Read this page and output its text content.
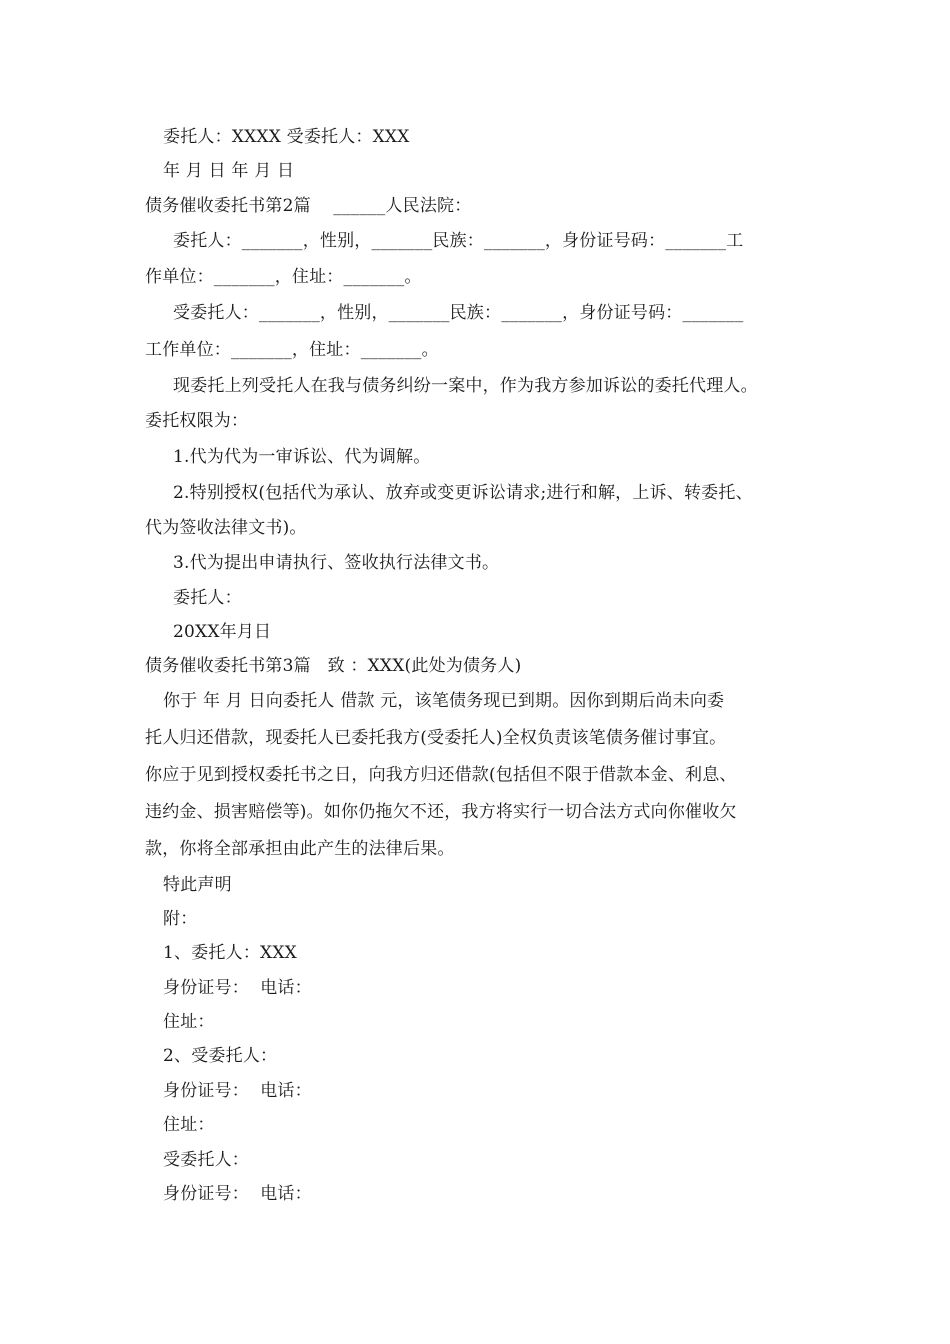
委托人：XXXX 受委托人：XXX

年 月 日 年 月 日

债务催收委托书第2篇    ______人民法院：

委托人：_______，性别，_______民族：_______，身份证号码：_______工

作单位：_______，住址：_______。

受委托人：_______，性别，_______民族：_______，身份证号码：_______

工作单位：_______，住址：_______。

现委托上列受托人在我与债务纠纷一案中，作为我方参加诉讼的委托代理人。

委托权限为：

1.代为代为一审诉讼、代为调解。

2.特别授权(包括代为承认、放弃或变更诉讼请求;进行和解，上诉、转委托、

代为签收法律文书)。

3.代为提出申请执行、签收执行法律文书。

委托人：

20XX年月日

债务催收委托书第3篇   致 ：XXX(此处为债务人)

你于 年 月 日向委托人 借款 元，该笔债务现已到期。因你到期后尚未向委

托人归还借款，现委托人已委托我方(受委托人)全权负责该笔债务催讨事宜。

你应于见到授权委托书之日，向我方归还借款(包括但不限于借款本金、利息、

违约金、损害赔偿等)。如你仍拖欠不还，我方将实行一切合法方式向你催收欠

款，你将全部承担由此产生的法律后果。

特此声明

附：

1、委托人：XXX

身份证号：  电话：

住址：

2、受委托人：

身份证号：  电话：

住址：

受委托人：

身份证号：  电话：
